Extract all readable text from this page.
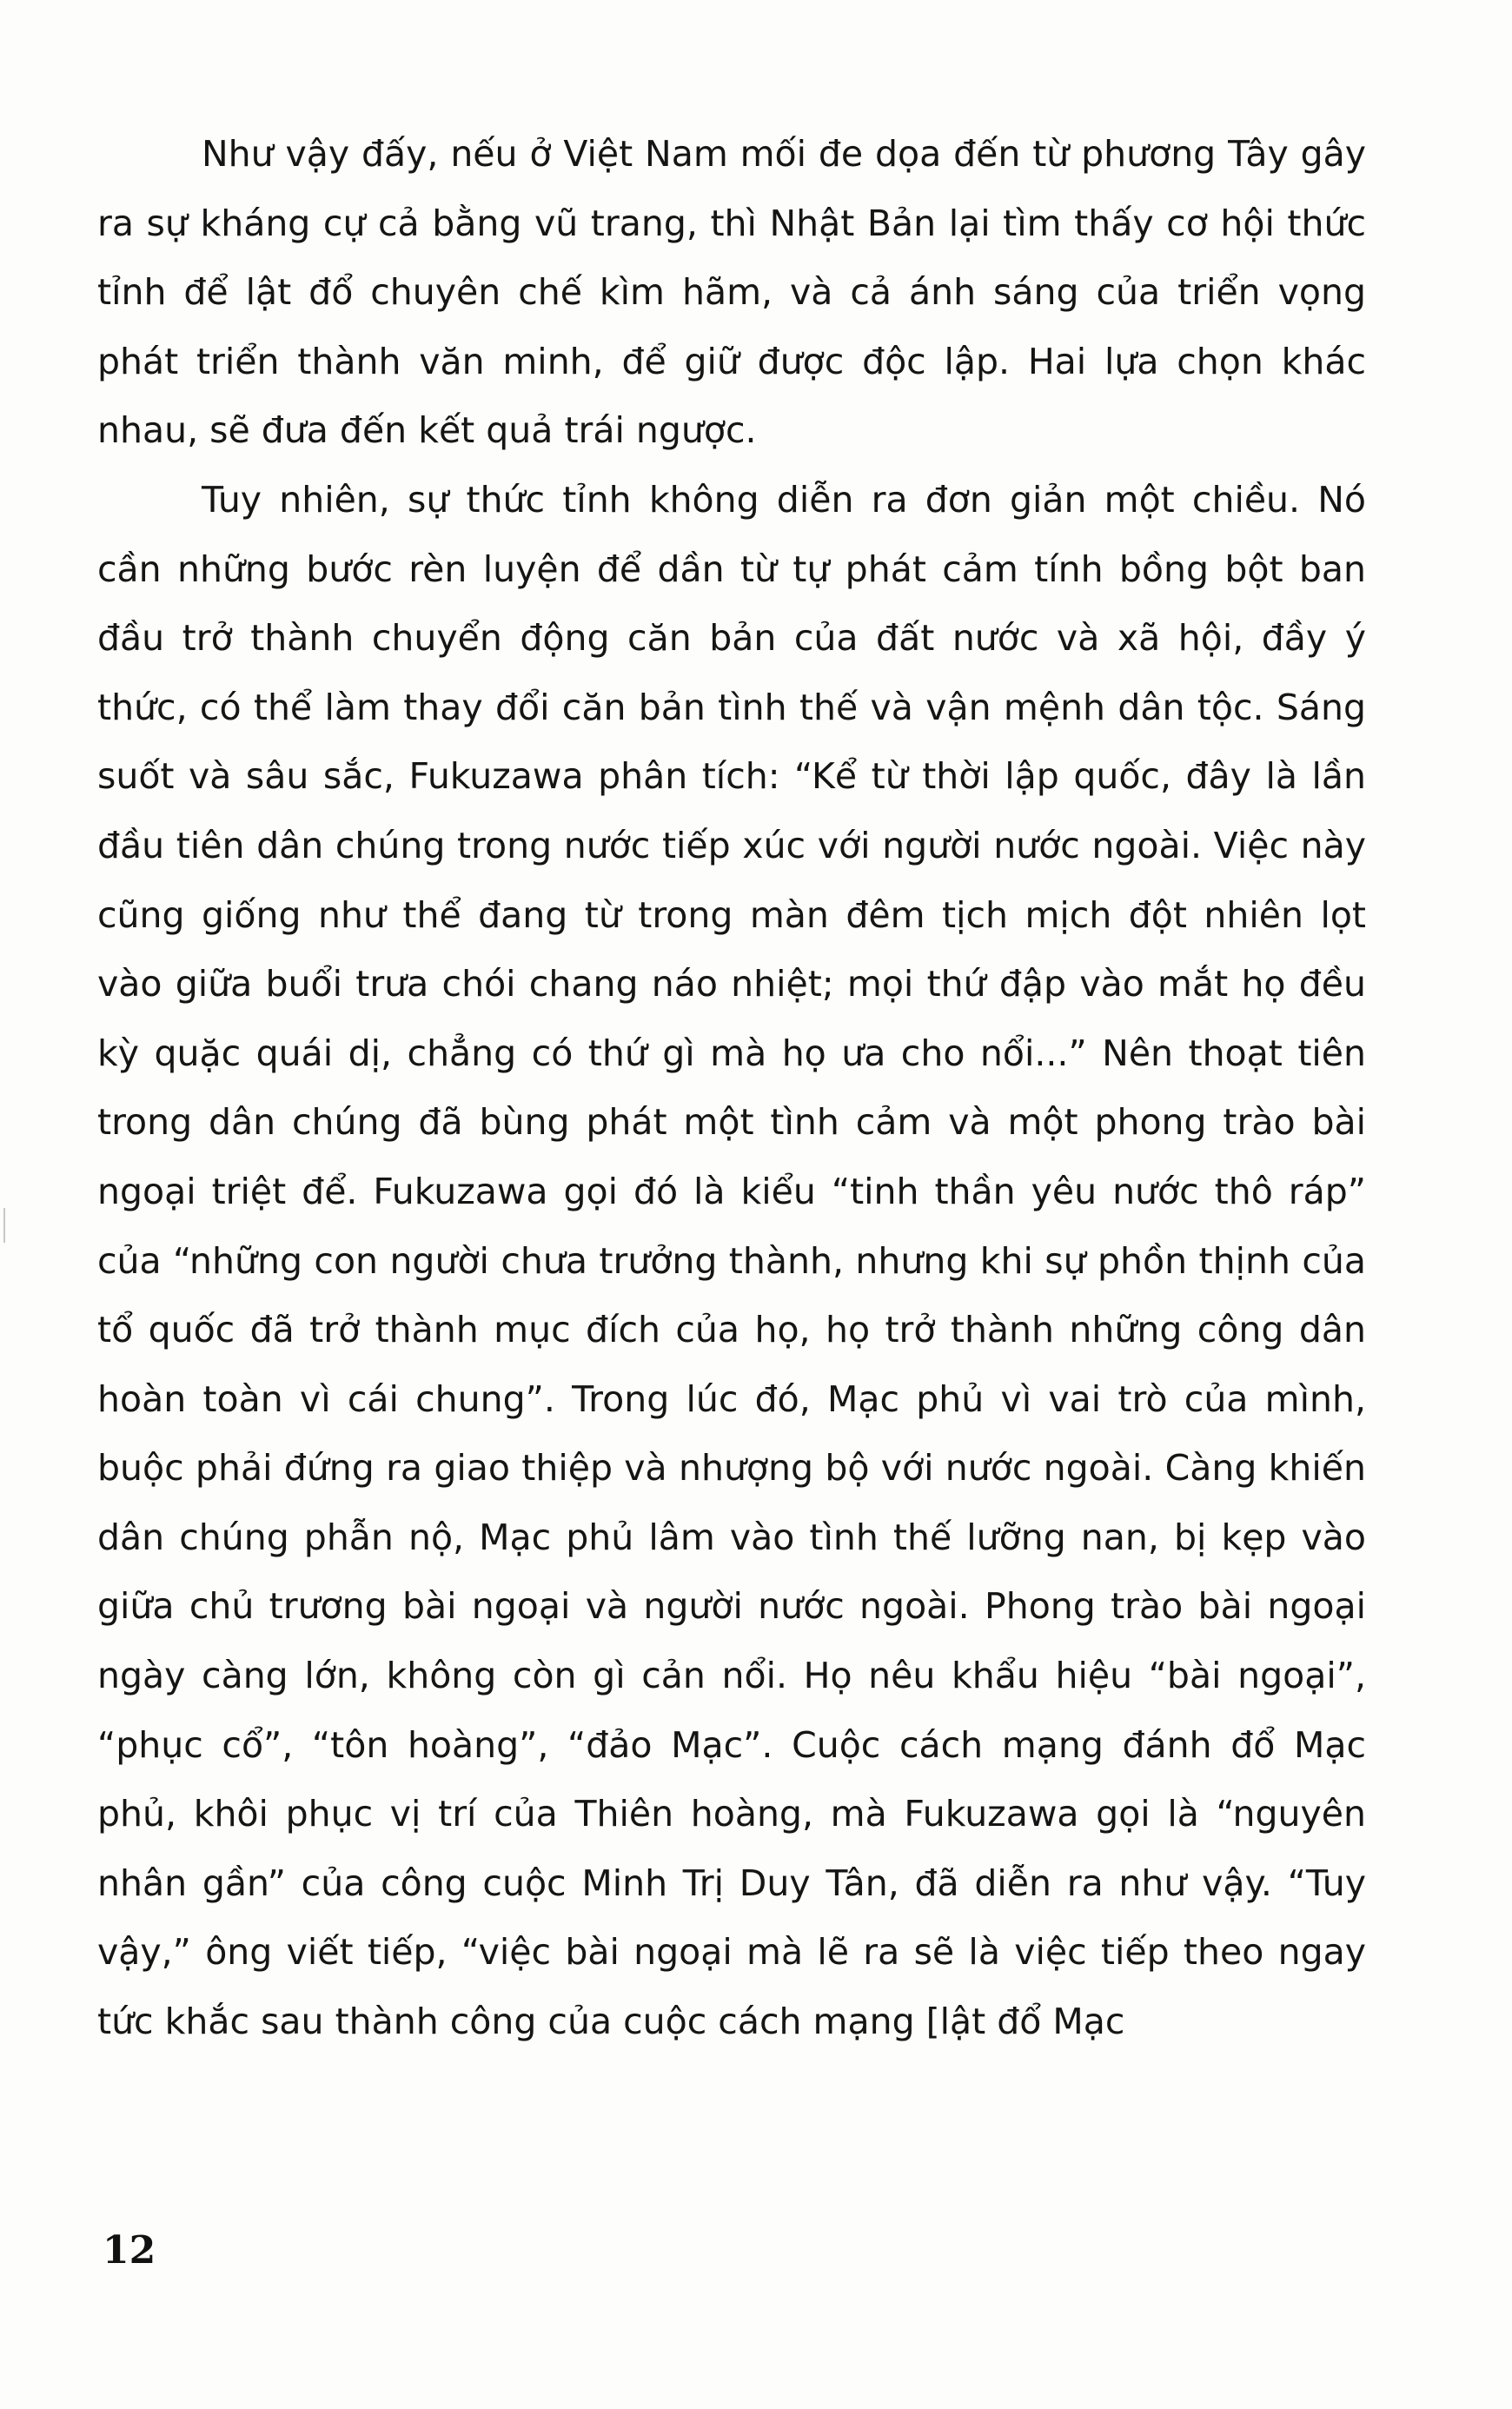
Như vậy đấy, nếu ở Việt Nam mối đe dọa đến từ phương Tây gây ra sự kháng cự cả bằng vũ trang, thì Nhật Bản lại tìm thấy cơ hội thức tỉnh để lật đổ chuyên chế kìm hãm, và cả ánh sáng của triển vọng phát triển thành văn minh, để giữ được độc lập. Hai lựa chọn khác nhau, sẽ đưa đến kết quả trái ngược.

Tuy nhiên, sự thức tỉnh không diễn ra đơn giản một chiều. Nó cần những bước rèn luyện để dần từ tự phát cảm tính bồng bột ban đầu trở thành chuyển động căn bản của đất nước và xã hội, đầy ý thức, có thể làm thay đổi căn bản tình thế và vận mệnh dân tộc. Sáng suốt và sâu sắc, Fukuzawa phân tích: “Kể từ thời lập quốc, đây là lần đầu tiên dân chúng trong nước tiếp xúc với người nước ngoài. Việc này cũng giống như thể đang từ trong màn đêm tịch mịch đột nhiên lọt vào giữa buổi trưa chói chang náo nhiệt; mọi thứ đập vào mắt họ đều kỳ quặc quái dị, chẳng có thứ gì mà họ ưa cho nổi...” Nên thoạt tiên trong dân chúng đã bùng phát một tình cảm và một phong trào bài ngoại triệt để. Fukuzawa gọi đó là kiểu “tinh thần yêu nước thô ráp” của “những con người chưa trưởng thành, nhưng khi sự phồn thịnh của tổ quốc đã trở thành mục đích của họ, họ trở thành những công dân hoàn toàn vì cái chung”. Trong lúc đó, Mạc phủ vì vai trò của mình, buộc phải đứng ra giao thiệp và nhượng bộ với nước ngoài. Càng khiến dân chúng phẫn nộ, Mạc phủ lâm vào tình thế lưỡng nan, bị kẹp vào giữa chủ trương bài ngoại và người nước ngoài. Phong trào bài ngoại ngày càng lớn, không còn gì cản nổi. Họ nêu khẩu hiệu “bài ngoại”, “phục cổ”, “tôn hoàng”, “đảo Mạc”. Cuộc cách mạng đánh đổ Mạc phủ, khôi phục vị trí của Thiên hoàng, mà Fukuzawa gọi là “nguyên nhân gần” của công cuộc Minh Trị Duy Tân, đã diễn ra như vậy. “Tuy vậy,” ông viết tiếp, “việc bài ngoại mà lẽ ra sẽ là việc tiếp theo ngay tức khắc sau thành công của cuộc cách mạng [lật đổ Mạc

12
